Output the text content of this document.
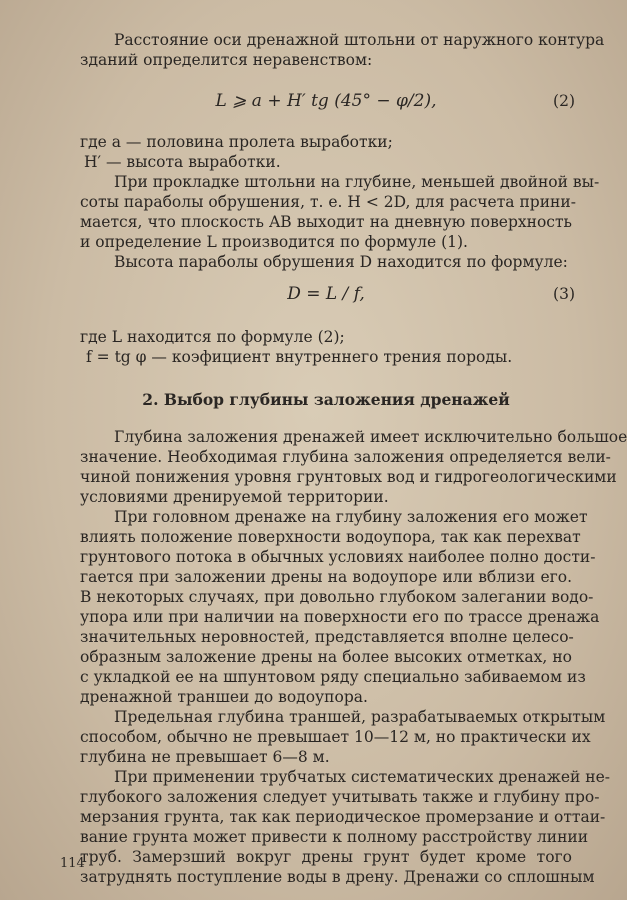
Расстояние оси дренажной штольни от наружного контура

зданий определится неравенством:

где a — половина пролета выработки;

H′ — высота выработки.

При прокладке штольни на глубине, меньшей двойной вы-

соты параболы обрушения, т. е. H < 2D, для расчета прини-

мается, что плоскость AB выходит на дневную поверхность

и определение L производится по формуле (1).

Высота параболы обрушения D находится по формуле:

где L находится по формуле (2);

f = tg φ — коэфициент внутреннего трения породы.

Глубина заложения дренажей имеет исключительно большое

значение. Необходимая глубина заложения определяется вели-

чиной понижения уровня грунтовых вод и гидрогеологическими

условиями дренируемой территории.

При головном дренаже на глубину заложения его может

влиять положение поверхности водоупора, так как перехват

грунтового потока в обычных условиях наиболее полно дости-

гается при заложении дрены на водоупоре или вблизи его.

В некоторых случаях, при довольно глубоком залегании водо-

упора или при наличии на поверхности его по трассе дренажа

значительных неровностей, представляется вполне целесо-

образным заложение дрены на более высоких отметках, но

с укладкой ее на шпунтовом ряду специально забиваемом из

дренажной траншеи до водоупора.

Предельная глубина траншей, разрабатываемых открытым

способом, обычно не превышает 10—12 м, но практически их

глубина не превышает 6—8 м.

При применении трубчатых систематических дренажей не-

глубокого заложения следует учитывать также и глубину про-

мерзания грунта, так как периодическое промерзание и оттаи-

вание грунта может привести к полному расстройству линии

труб. Замерзший вокруг дрены грунт будет кроме того

затруднять поступление воды в дрену. Дренажи со сплошным

L ⩾ a + H′ tg (45° − φ/2),	(2)
D = L / f,	(3)
2. Выбор глубины заложения дренажей
114
